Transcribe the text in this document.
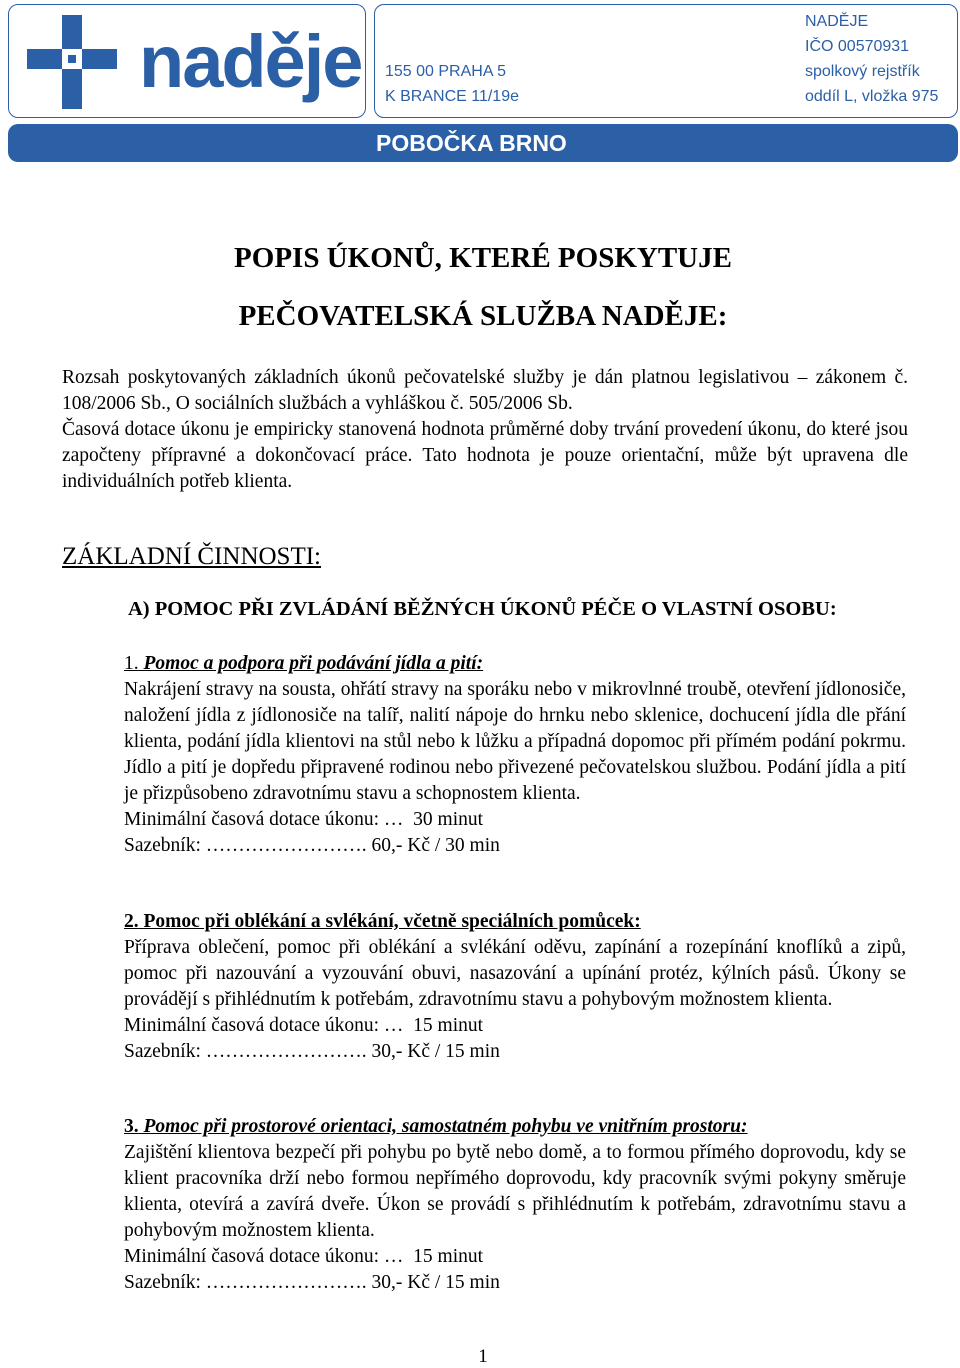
naděje 155 00 PRAHA 5
K BRANCE 11/19e
NADĚJE
IČO 00570931
spolkový rejstřík
oddíl L, vložka 975
POBOČKA BRNO
POPIS ÚKONŮ, KTERÉ POSKYTUJE
PEČOVATELSKÁ SLUŽBA NADĚJE:

Rozsah poskytovaných základních úkonů pečovatelské služby je dán platnou legislativou – zákonem č. 108/2006 Sb., O sociálních službách a vyhláškou č. 505/2006 Sb.

Časová dotace úkonu je empiricky stanovená hodnota průměrné doby trvání provedení úkonu, do které jsou započteny přípravné a dokončovací práce. Tato hodnota je pouze orientační, může být upravena dle individuálních potřeb klienta.

ZÁKLADNÍ ČINNOSTI:
A) POMOC PŘI ZVLÁDÁNÍ BĚŽNÝCH ÚKONŮ PÉČE O VLASTNÍ OSOBU:

1. Pomoc a podpora při podávání jídla a pití:

Nakrájení stravy na sousta, ohřátí stravy na sporáku nebo v mikrovlnné troubě, otevření jídlonosiče, naložení jídla z jídlonosiče na talíř, nalití nápoje do hrnku nebo sklenice, dochucení jídla dle přání klienta, podání jídla klientovi na stůl nebo k lůžku a případná dopomoc při přímém podání pokrmu. Jídlo a pití je dopředu připravené rodinou nebo přivezené pečovatelskou službou. Podání jídla a pití je přizpůsobeno zdravotnímu stavu a schopnostem klienta.

Minimální časová dotace úkonu: …  30 minut
Sazebník: ……………………. 60,- Kč / 30 min

2. Pomoc při oblékání a svlékání, včetně speciálních pomůcek:

Příprava oblečení, pomoc při oblékání a svlékání oděvu, zapínání a rozepínání knoflíků a zipů, pomoc při nazouvání a vyzouvání obuvi, nasazování a upínání protéz, kýlních pásů. Úkony se provádějí s přihlédnutím k potřebám, zdravotnímu stavu a pohybovým možnostem klienta.

Minimální časová dotace úkonu: …  15 minut
Sazebník: ……………………. 30,- Kč / 15 min

3. Pomoc při prostorové orientaci, samostatném pohybu ve vnitřním prostoru:

Zajištění klientova bezpečí při pohybu po bytě nebo domě, a to formou přímého doprovodu, kdy se klient pracovníka drží nebo formou nepřímého doprovodu, kdy pracovník svými pokyny směruje klienta, otevírá a zavírá dveře. Úkon se provádí s přihlédnutím k potřebám, zdravotnímu stavu a pohybovým možnostem klienta.

Minimální časová dotace úkonu: …  15 minut
Sazebník: ……………………. 30,- Kč / 15 min
1
